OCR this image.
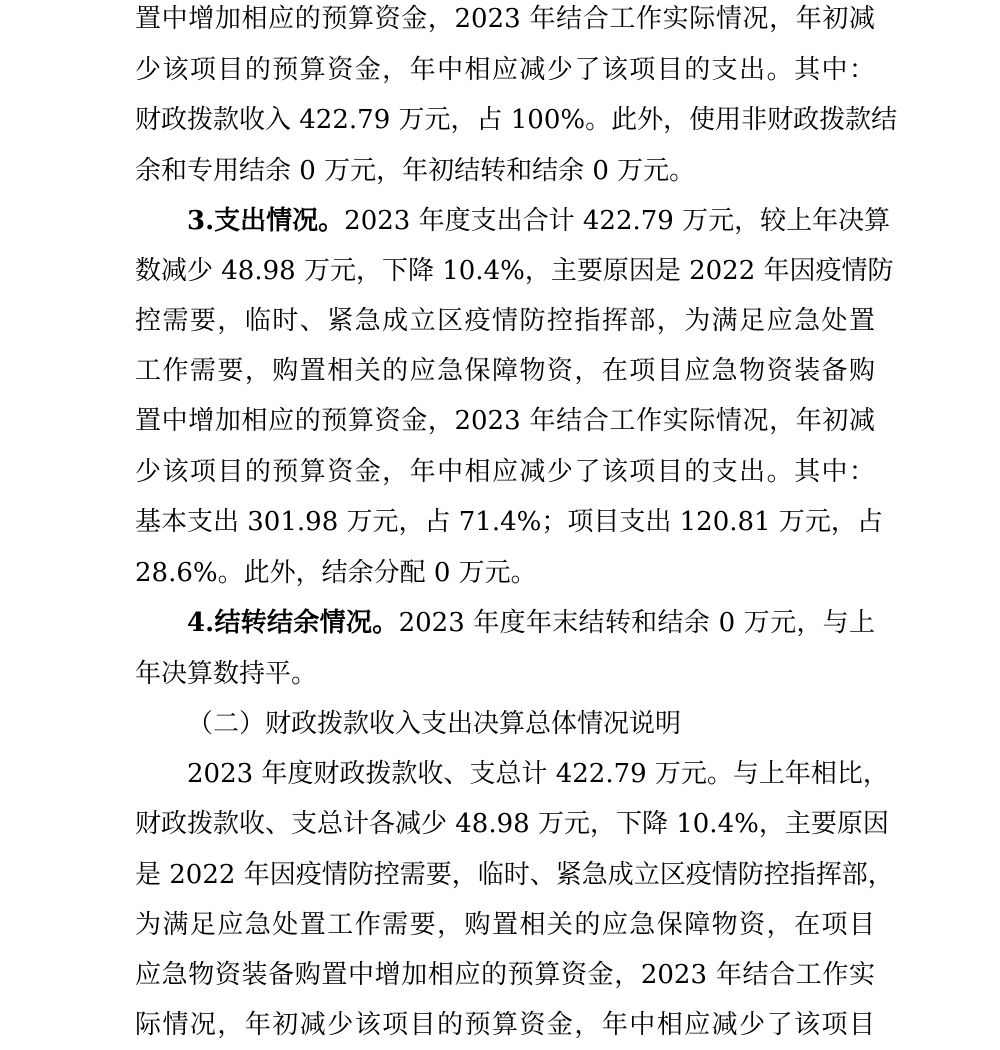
置中增加相应的预算资金，2023 年结合工作实际情况，年初减
少该项目的预算资金，年中相应减少了该项目的支出。其中：
财政拨款收入 422.79 万元，占 100%。此外，使用非财政拨款结
余和专用结余 0 万元，年初结转和结余 0 万元。
3.支出情况。2023 年度支出合计 422.79 万元，较上年决算
数减少 48.98 万元，下降 10.4%，主要原因是 2022 年因疫情防
控需要，临时、紧急成立区疫情防控指挥部，为满足应急处置
工作需要，购置相关的应急保障物资，在项目应急物资装备购
置中增加相应的预算资金，2023 年结合工作实际情况，年初减
少该项目的预算资金，年中相应减少了该项目的支出。其中：
基本支出 301.98 万元，占 71.4%；项目支出 120.81 万元，占
28.6%。此外，结余分配 0 万元。
4.结转结余情况。2023 年度年末结转和结余 0 万元，与上
年决算数持平。
（二）财政拨款收入支出决算总体情况说明
2023 年度财政拨款收、支总计 422.79 万元。与上年相比，
财政拨款收、支总计各减少 48.98 万元，下降 10.4%，主要原因
是 2022 年因疫情防控需要，临时、紧急成立区疫情防控指挥部，
为满足应急处置工作需要，购置相关的应急保障物资，在项目
应急物资装备购置中增加相应的预算资金，2023 年结合工作实
际情况，年初减少该项目的预算资金，年中相应减少了该项目
